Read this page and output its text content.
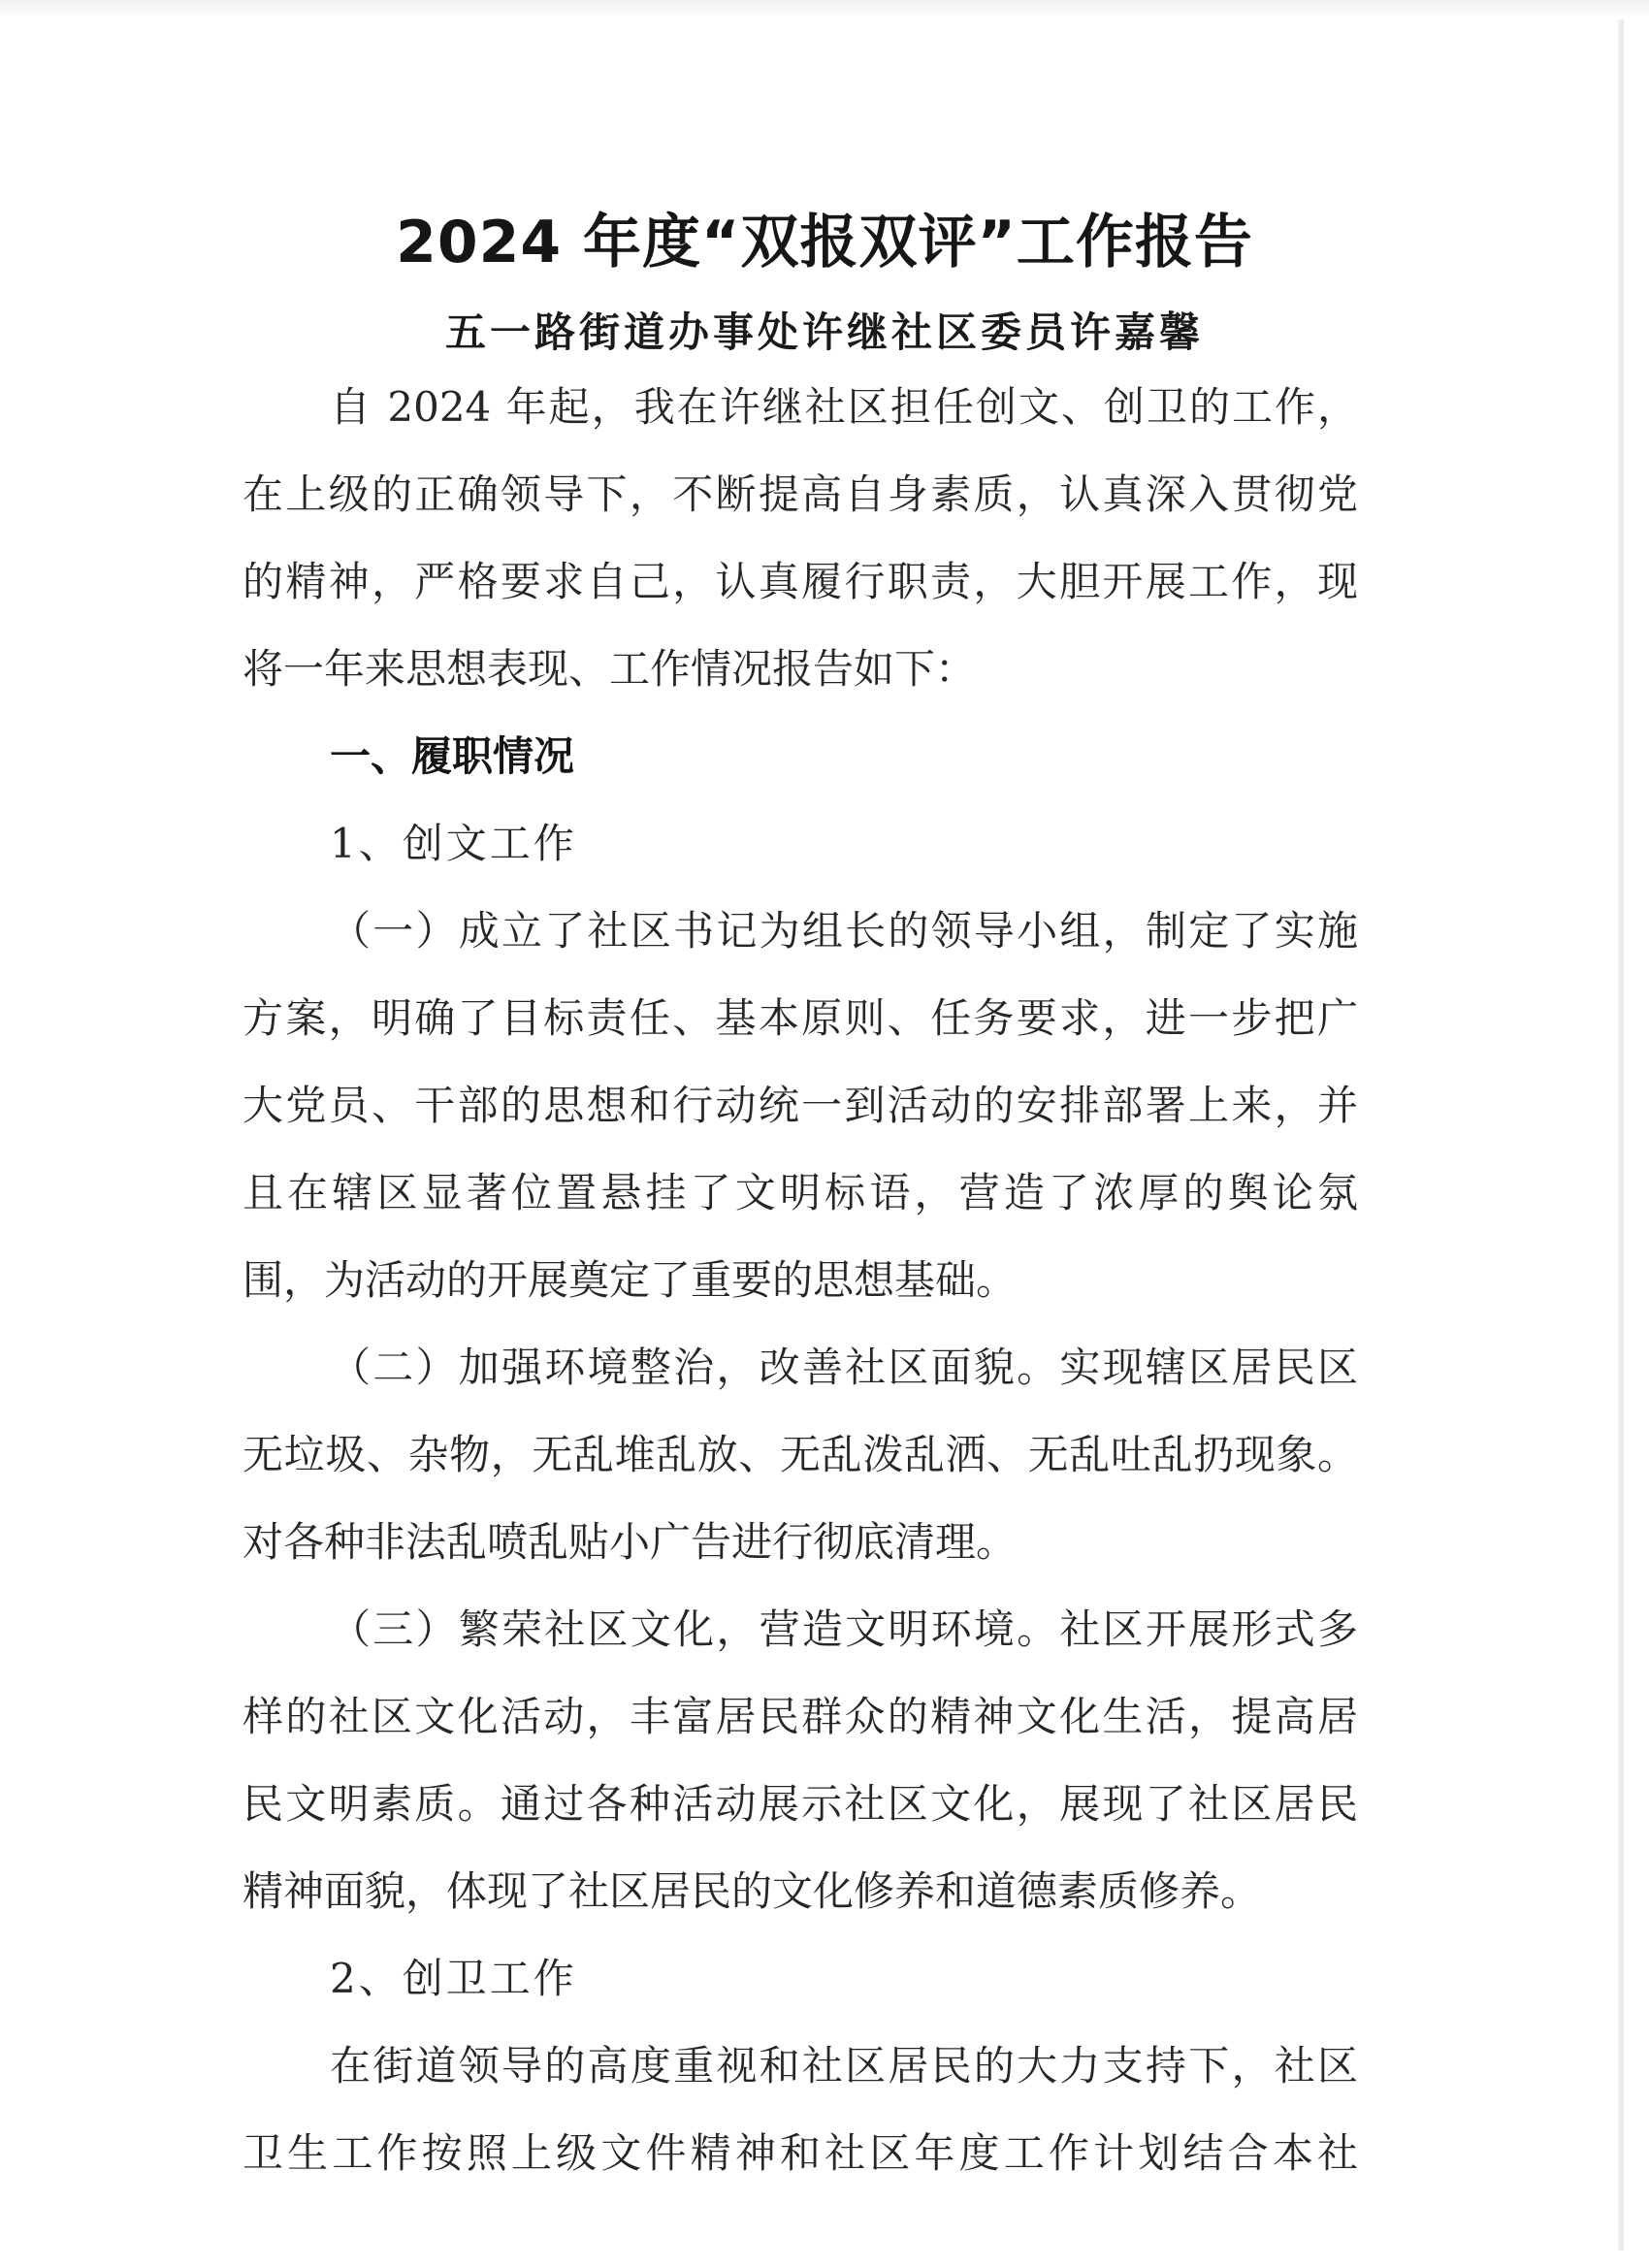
2024 年度“双报双评”工作报告
五一路街道办事处许继社区委员许嘉馨
自 2024 年起，我在许继社区担任创文、创卫的工作，
在上级的正确领导下，不断提高自身素质，认真深入贯彻党
的精神，严格要求自己，认真履行职责，大胆开展工作，现
将一年来思想表现、工作情况报告如下：
一、履职情况
1、创文工作
（一）成立了社区书记为组长的领导小组，制定了实施
方案，明确了目标责任、基本原则、任务要求，进一步把广
大党员、干部的思想和行动统一到活动的安排部署上来，并
且在辖区显著位置悬挂了文明标语，营造了浓厚的舆论氛
围，为活动的开展奠定了重要的思想基础。
（二）加强环境整治，改善社区面貌。实现辖区居民区
无垃圾、杂物，无乱堆乱放、无乱泼乱洒、无乱吐乱扔现象。
对各种非法乱喷乱贴小广告进行彻底清理。
（三）繁荣社区文化，营造文明环境。社区开展形式多
样的社区文化活动，丰富居民群众的精神文化生活，提高居
民文明素质。通过各种活动展示社区文化，展现了社区居民
精神面貌，体现了社区居民的文化修养和道德素质修养。
2、创卫工作
在街道领导的高度重视和社区居民的大力支持下，社区
卫生工作按照上级文件精神和社区年度工作计划结合本社
